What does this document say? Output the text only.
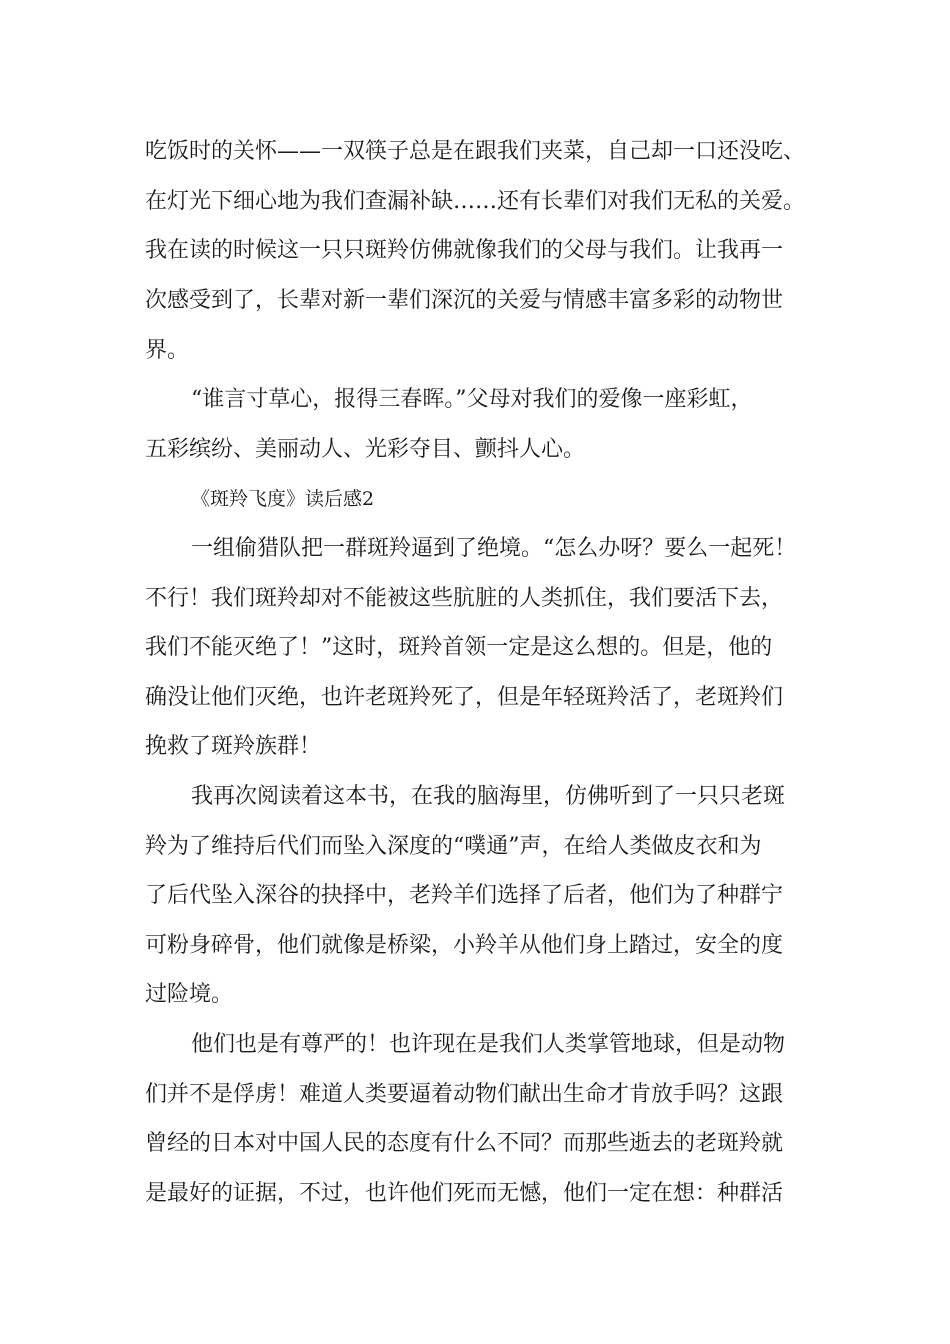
吃饭时的关怀——一双筷子总是在跟我们夹菜，自己却一口还没吃、
在灯光下细心地为我们查漏补缺……还有长辈们对我们无私的关爱。
我在读的时候这一只只斑羚仿佛就像我们的父母与我们。让我再一
次感受到了，长辈对新一辈们深沉的关爱与情感丰富多彩的动物世
界。
“谁言寸草心，报得三春晖。”父母对我们的爱像一座彩虹，
五彩缤纷、美丽动人、光彩夺目、颤抖人心。
《斑羚飞度》读后感2
一组偷猎队把一群斑羚逼到了绝境。“怎么办呀？要么一起死！
不行！我们斑羚却对不能被这些肮脏的人类抓住，我们要活下去，
我们不能灭绝了！”这时，斑羚首领一定是这么想的。但是，他的
确没让他们灭绝，也许老斑羚死了，但是年轻斑羚活了，老斑羚们
挽救了斑羚族群！
我再次阅读着这本书，在我的脑海里，仿佛听到了一只只老斑
羚为了维持后代们而坠入深度的“噗通”声，在给人类做皮衣和为
了后代坠入深谷的抉择中，老羚羊们选择了后者，他们为了种群宁
可粉身碎骨，他们就像是桥梁，小羚羊从他们身上踏过，安全的度
过险境。
他们也是有尊严的！也许现在是我们人类掌管地球，但是动物
们并不是俘虏！难道人类要逼着动物们献出生命才肯放手吗？这跟
曾经的日本对中国人民的态度有什么不同？而那些逝去的老斑羚就
是最好的证据，不过，也许他们死而无憾，他们一定在想：种群活
